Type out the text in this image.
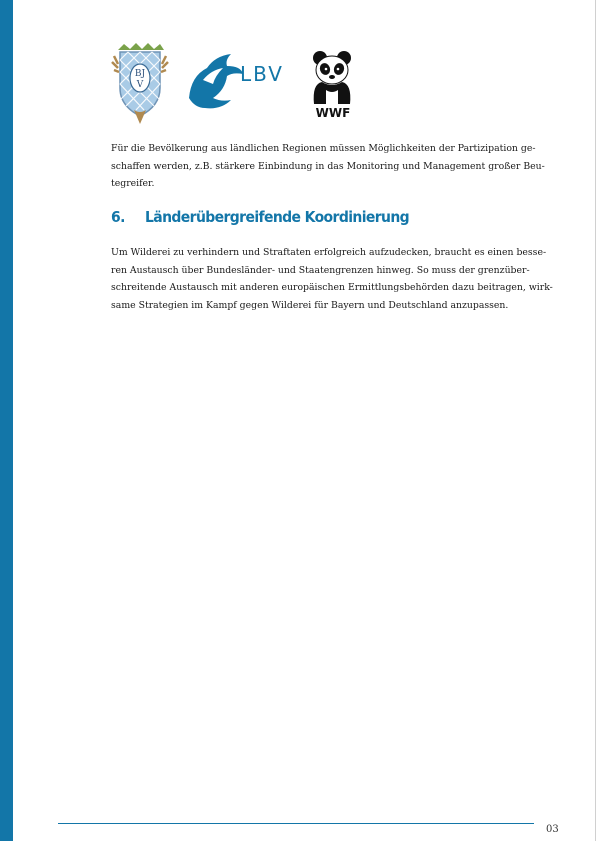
BJ
V	LBV
WWF

Für die Bevölkerung aus ländlichen Regionen müssen Möglichkeiten der Partizipation ge-
schaffen werden, z.B. stärkere Einbindung in das Monitoring und Management großer Beu-
tegreifer.

6. Länderübergreifende Koordinierung

Um Wilderei zu verhindern und Straftaten erfolgreich aufzudecken, braucht es einen besse-
ren Austausch über Bundesländer- und Staatengrenzen hinweg. So muss der grenzüber-
schreitende Austausch mit anderen europäischen Ermittlungsbehörden dazu beitragen, wirk-
same Strategien im Kampf gegen Wilderei für Bayern und Deutschland anzupassen.

03
